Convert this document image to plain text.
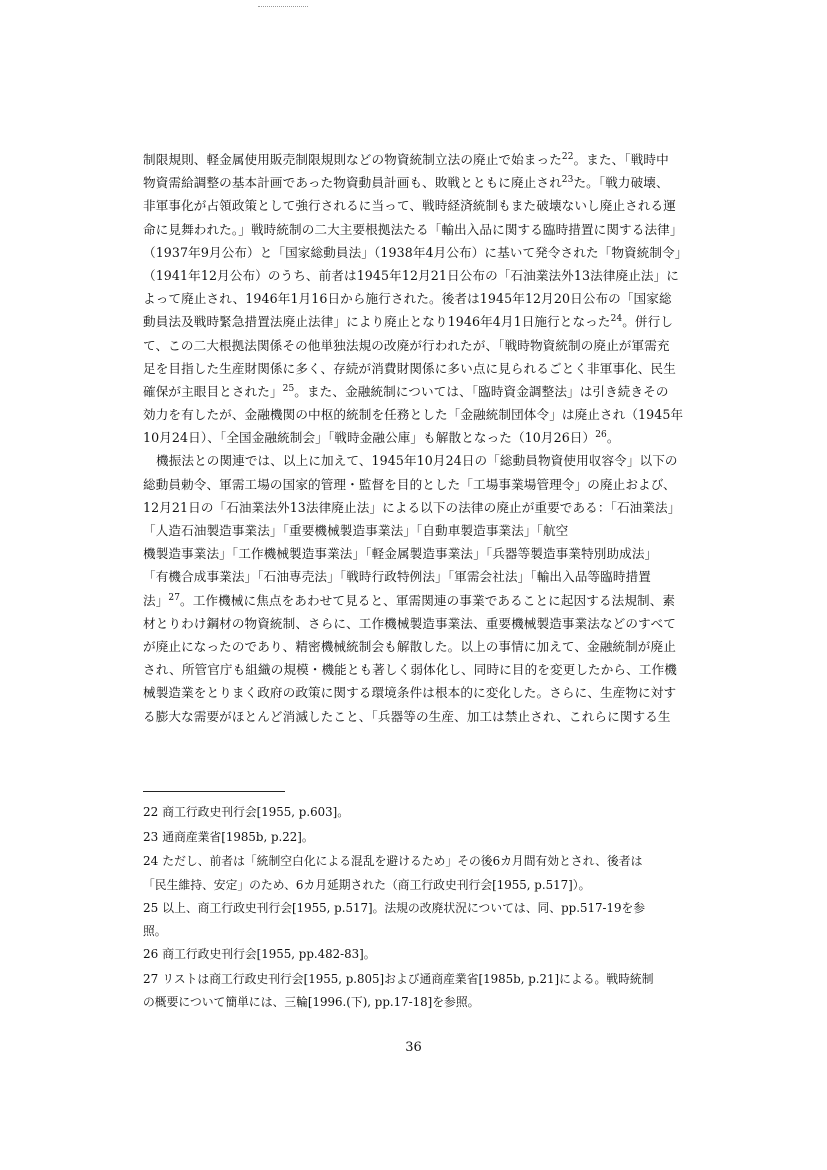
制限規則、軽金属使用販売制限規則などの物資統制立法の廃止で始まった$^{22}$。また、「戦時中
物資需給調整の基本計画であった物資動員計画も、敗戦とともに廃止され$^{23}$た。「戦力破壊、
非軍事化が占領政策として強行されるに当って、戦時経済統制もまた破壊ないし廃止される運
命に見舞われた。」戦時統制の二大主要根拠法たる「輸出入品に関する臨時措置に関する法律」
（1937年9月公布）と「国家総動員法」（1938年4月公布）に基いて発令された「物資統制令」
（1941年12月公布）のうち、前者は1945年12月21日公布の「石油業法外13法律廃止法」に
よって廃止され、1946年1月16日から施行された。後者は1945年12月20日公布の「国家総
動員法及戦時緊急措置法廃止法律」により廃止となり1946年4月1日施行となった$^{24}$。併行し
て、この二大根拠法関係その他単独法規の改廃が行われたが、「戦時物資統制の廃止が軍需充
足を目指した生産財関係に多く、存続が消費財関係に多い点に見られるごとく非軍事化、民生
確保が主眼目とされた」$^{25}$。また、金融統制については、「臨時資金調整法」は引き続きその
効力を有したが、金融機関の中枢的統制を任務とした「金融統制団体令」は廃止され（1945年
10月24日）、「全国金融統制会」「戦時金融公庫」も解散となった（10月26日）$^{26}$。
機振法との関連では、以上に加えて、1945年10月24日の「総動員物資使用収容令」以下の
総動員勅令、軍需工場の国家的管理・監督を目的とした「工場事業場管理令」の廃止および、
12月21日の「石油業法外13法律廃止法」による以下の法律の廃止が重要である：「石油業法」
「人造石油製造事業法」「重要機械製造事業法」「自動車製造事業法」「航空
機製造事業法」「工作機械製造事業法」「軽金属製造事業法」「兵器等製造事業特別助成法」
「有機合成事業法」「石油専売法」「戦時行政特例法」「軍需会社法」「輸出入品等臨時措置
法」$^{27}$。工作機械に焦点をあわせて見ると、軍需関連の事業であることに起因する法規制、素
材とりわけ鋼材の物資統制、さらに、工作機械製造事業法、重要機械製造事業法などのすべて
が廃止になったのであり、精密機械統制会も解散した。以上の事情に加えて、金融統制が廃止
され、所管官庁も組織の規模・機能とも著しく弱体化し、同時に目的を変更したから、工作機
械製造業をとりまく政府の政策に関する環境条件は根本的に変化した。さらに、生産物に対す
る膨大な需要がほとんど消滅したこと、「兵器等の生産、加工は禁止され、これらに関する生
22 商工行政史刊行会[1955, p.603]。
23 通商産業省[1985b, p.22]。
24 ただし、前者は「統制空白化による混乱を避けるため」その後6カ月間有効とされ、後者は
「民生維持、安定」のため、6カ月延期された（商工行政史刊行会[1955, p.517]）。
25 以上、商工行政史刊行会[1955, p.517]。法規の改廃状況については、同、pp.517-19を参
照。
26 商工行政史刊行会[1955, pp.482-83]。
27 リストは商工行政史刊行会[1955, p.805]および通商産業省[1985b, p.21]による。戦時統制
の概要について簡単には、三輪[1996.(下), pp.17-18]を参照。
36
